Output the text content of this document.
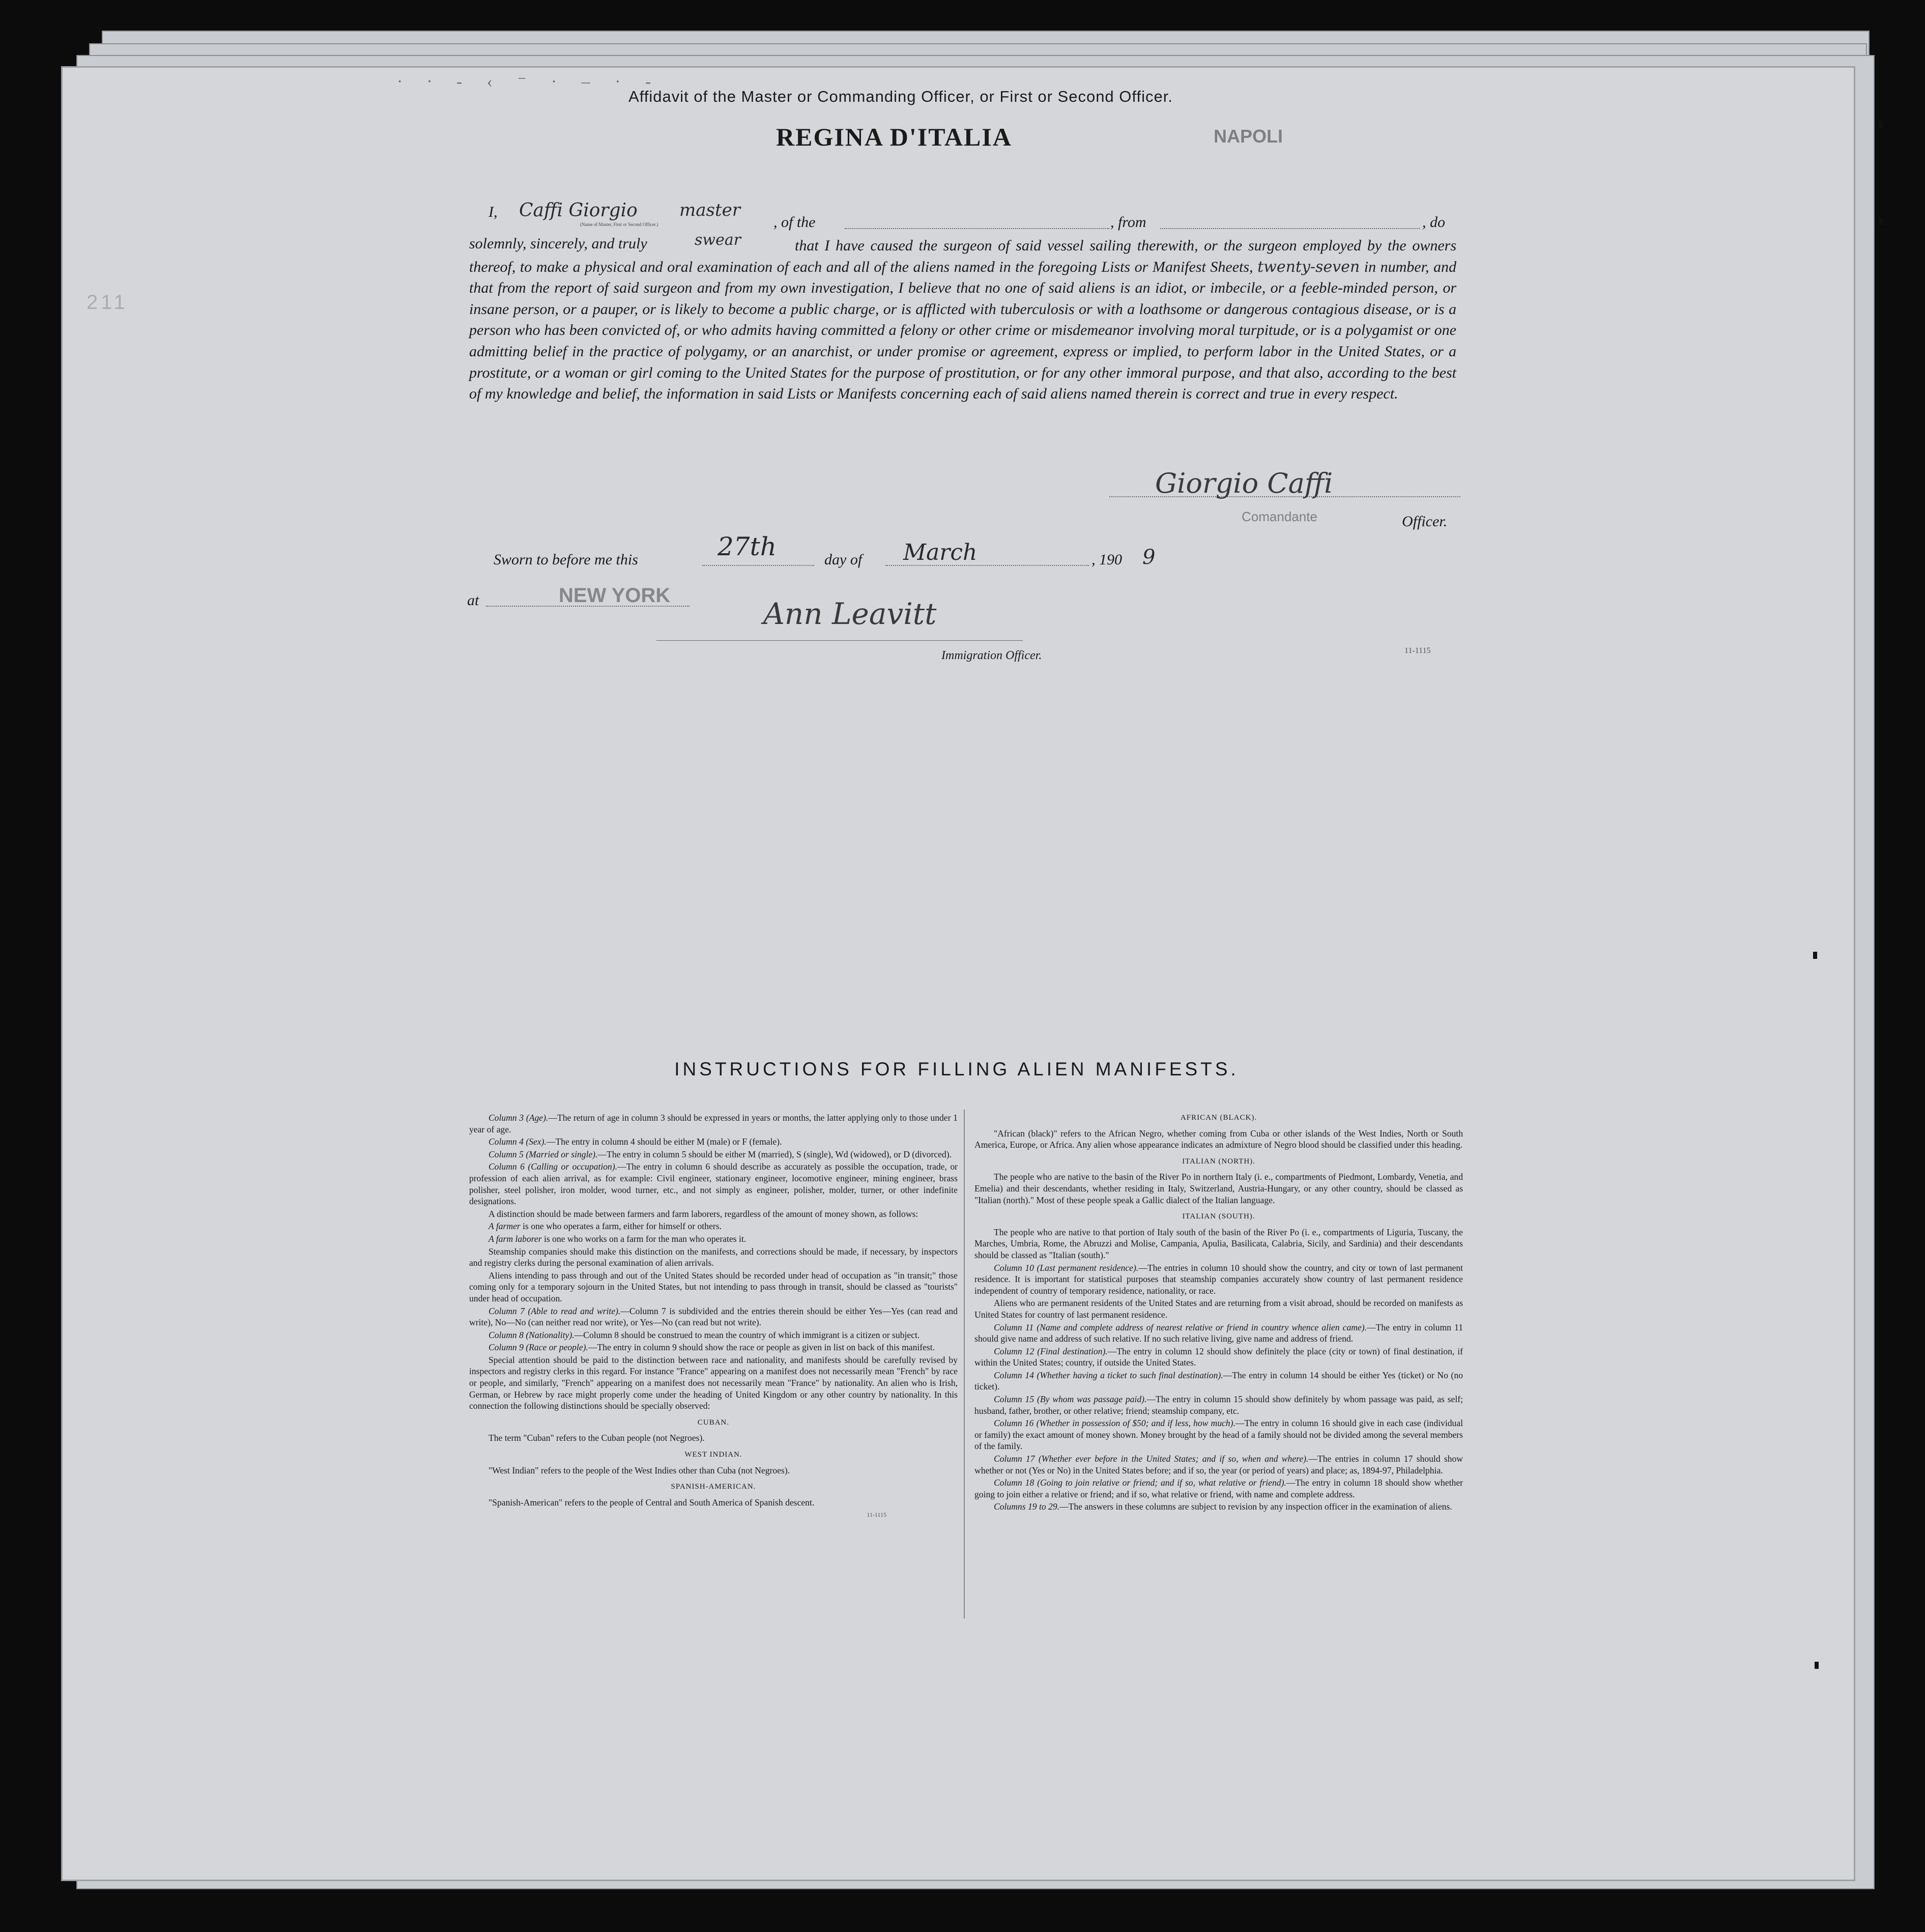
· ∙ - ‹ ⁻ · ‒ · -
211
Affidavit of the Master or Commanding Officer, or First or Second Officer.
REGINA D'ITALIA	NAPOLI
I,	Caffi Giorgio master
(Name of Master, First or Second Officer.)	, of the	, from	, do
solemnly, sincerely, and truly	swear	that I have caused the surgeon of said vessel sailing therewith, or the surgeon employed by the owners thereof, to make a physical and oral examination of each and all of the aliens named in the foregoing Lists or Manifest Sheets, twenty-seven in number, and that from the report of said surgeon and from my own investigation, I believe that no one of said aliens is an idiot, or imbecile, or a feeble-minded person, or insane person, or a pauper, or is likely to become a public charge, or is afflicted with tuberculosis or with a loathsome or dangerous contagious disease, or is a person who has been convicted of, or who admits having committed a felony or other crime or misdemeanor involving moral turpitude, or is a polygamist or one admitting belief in the practice of polygamy, or an anarchist, or under promise or agreement, express or implied, to perform labor in the United States, or a prostitute, or a woman or girl coming to the United States for the purpose of prostitution, or for any other immoral purpose, and that also, according to the best of my knowledge and belief, the information in said Lists or Manifests concerning each of said aliens named therein is correct and true in every respect.

Giorgio Caffi
Comandante	Officer.
Sworn to before me this	27th	day of March	, 190 9
at	NEW YORK
Ann Leavitt
Immigration Officer.	11-1115
INSTRUCTIONS FOR FILLING ALIEN MANIFESTS.

Column 3 (Age).—The return of age in column 3 should be expressed in years or months, the latter applying only to those under 1 year of age.

Column 4 (Sex).—The entry in column 4 should be either M (male) or F (female).

Column 5 (Married or single).—The entry in column 5 should be either M (married), S (single), Wd (widowed), or D (divorced).

Column 6 (Calling or occupation).—The entry in column 6 should describe as accurately as possible the occupation, trade, or profession of each alien arrival, as for example: Civil engineer, stationary engineer, locomotive engineer, mining engineer, brass polisher, steel polisher, iron molder, wood turner, etc., and not simply as engineer, polisher, molder, turner, or other indefinite designations.

A distinction should be made between farmers and farm laborers, regardless of the amount of money shown, as follows:

A farmer is one who operates a farm, either for himself or others.

A farm laborer is one who works on a farm for the man who operates it.

Steamship companies should make this distinction on the manifests, and corrections should be made, if necessary, by inspectors and registry clerks during the personal examination of alien arrivals.

Aliens intending to pass through and out of the United States should be recorded under head of occupation as "in transit;" those coming only for a temporary sojourn in the United States, but not intending to pass through in transit, should be classed as "tourists" under head of occupation.

Column 7 (Able to read and write).—Column 7 is subdivided and the entries therein should be either Yes—Yes (can read and write), No—No (can neither read nor write), or Yes—No (can read but not write).

Column 8 (Nationality).—Column 8 should be construed to mean the country of which immigrant is a citizen or subject.

Column 9 (Race or people).—The entry in column 9 should show the race or people as given in list on back of this manifest.

Special attention should be paid to the distinction between race and nationality, and manifests should be carefully revised by inspectors and registry clerks in this regard. For instance "France" appearing on a manifest does not necessarily mean "French" by race or people, and similarly, "French" appearing on a manifest does not necessarily mean "France" by nationality. An alien who is Irish, German, or Hebrew by race might properly come under the heading of United Kingdom or any other country by nationality. In this connection the following distinctions should be specially observed:

CUBAN.

The term "Cuban" refers to the Cuban people (not Negroes).

WEST INDIAN.

"West Indian" refers to the people of the West Indies other than Cuba (not Negroes).

SPANISH-AMERICAN.

"Spanish-American" refers to the people of Central and South America of Spanish descent.

11-1115
AFRICAN (BLACK).

"African (black)" refers to the African Negro, whether coming from Cuba or other islands of the West Indies, North or South America, Europe, or Africa. Any alien whose appearance indicates an admixture of Negro blood should be classified under this heading.

ITALIAN (NORTH).

The people who are native to the basin of the River Po in northern Italy (i. e., compartments of Piedmont, Lombardy, Venetia, and Emelia) and their descendants, whether residing in Italy, Switzerland, Austria-Hungary, or any other country, should be classed as "Italian (north)." Most of these people speak a Gallic dialect of the Italian language.

ITALIAN (SOUTH).

The people who are native to that portion of Italy south of the basin of the River Po (i. e., compartments of Liguria, Tuscany, the Marches, Umbria, Rome, the Abruzzi and Molise, Campania, Apulia, Basilicata, Calabria, Sicily, and Sardinia) and their descendants should be classed as "Italian (south)."

Column 10 (Last permanent residence).—The entries in column 10 should show the country, and city or town of last permanent residence. It is important for statistical purposes that steamship companies accurately show country of last permanent residence independent of country of temporary residence, nationality, or race.

Aliens who are permanent residents of the United States and are returning from a visit abroad, should be recorded on manifests as United States for country of last permanent residence.

Column 11 (Name and complete address of nearest relative or friend in country whence alien came).—The entry in column 11 should give name and address of such relative. If no such relative living, give name and address of friend.

Column 12 (Final destination).—The entry in column 12 should show definitely the place (city or town) of final destination, if within the United States; country, if outside the United States.

Column 14 (Whether having a ticket to such final destination).—The entry in column 14 should be either Yes (ticket) or No (no ticket).

Column 15 (By whom was passage paid).—The entry in column 15 should show definitely by whom passage was paid, as self; husband, father, brother, or other relative; friend; steamship company, etc.

Column 16 (Whether in possession of $50; and if less, how much).—The entry in column 16 should give in each case (individual or family) the exact amount of money shown. Money brought by the head of a family should not be divided among the several members of the family.

Column 17 (Whether ever before in the United States; and if so, when and where).—The entries in column 17 should show whether or not (Yes or No) in the United States before; and if so, the year (or period of years) and place; as, 1894-97, Philadelphia.

Column 18 (Going to join relative or friend; and if so, what relative or friend).—The entry in column 18 should show whether going to join either a relative or friend; and if so, what relative or friend, with name and complete address.

Columns 19 to 29.—The answers in these columns are subject to revision by any inspection officer in the examination of aliens.
